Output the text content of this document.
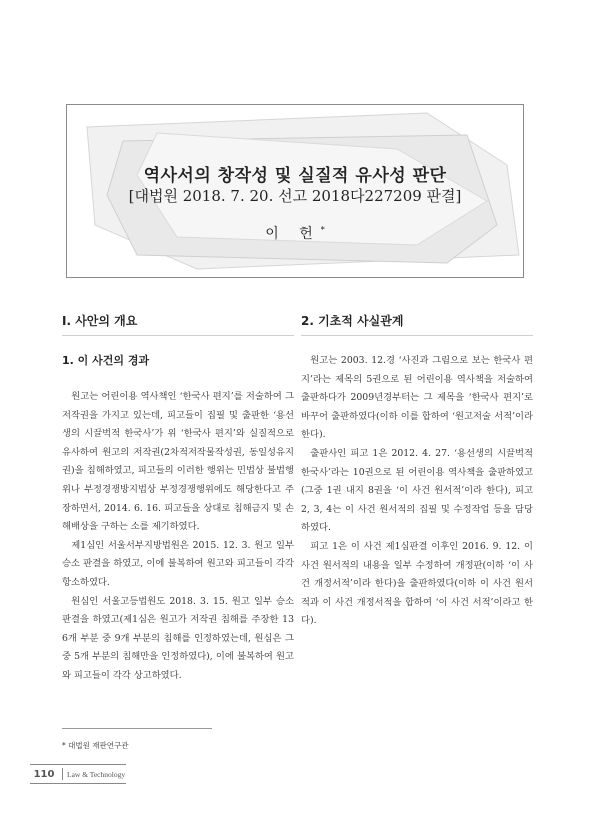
역사서의 창작성 및 실질적 유사성 판단
[대법원 2018. 7. 20. 선고 2018다227209 판결]
이 헌*
I. 사안의 개요
1. 이 사건의 경과

원고는 어린이용 역사책인 ‘한국사 편지’를 저술하여 그 저작권을 가지고 있는데, 피고들이 집필 및 출판한 ‘용선생의 시끌벅적 한국사’가 위 ‘한국사 편지’와 실질적으로 유사하여 원고의 저작권(2차적저작물작성권, 동일성유지권)을 침해하였고, 피고들의 이러한 행위는 민법상 불법행위나 부정경쟁방지법상 부정경쟁행위에도 해당한다고 주장하면서, 2014. 6. 16. 피고들을 상대로 침해금지 및 손해배상을 구하는 소를 제기하였다.

제1심인 서울서부지방법원은 2015. 12. 3. 원고 일부 승소 판결을 하였고, 이에 불복하여 원고와 피고들이 각각 항소하였다.

원심인 서울고등법원도 2018. 3. 15. 원고 일부 승소 판결을 하였고(제1심은 원고가 저작권 침해를 주장한 136개 부분 중 9개 부분의 침해를 인정하였는데, 원심은 그중 5개 부분의 침해만을 인정하였다), 이에 불복하여 원고와 피고들이 각각 상고하였다.

2. 기초적 사실관계

원고는 2003. 12.경 ‘사진과 그림으로 보는 한국사 편지’라는 제목의 5권으로 된 어린이용 역사책을 저술하여 출판하다가 2009년경부터는 그 제목을 ‘한국사 편지’로 바꾸어 출판하였다(이하 이를 합하여 ‘원고저술 서적’이라 한다).

출판사인 피고 1은 2012. 4. 27. ‘용선생의 시끌벅적 한국사’라는 10권으로 된 어린이용 역사책을 출판하였고(그중 1권 내지 8권을 ‘이 사건 원서적’이라 한다), 피고 2, 3, 4는 이 사건 원서적의 집필 및 수정작업 등을 담당하였다.

피고 1은 이 사건 제1심판결 이후인 2016. 9. 12. 이 사건 원서적의 내용을 일부 수정하여 개정판(이하 ‘이 사건 개정서적’이라 한다)을 출판하였다(이하 이 사건 원서적과 이 사건 개정서적을 합하여 ‘이 사건 서적’이라고 한다).

* 대법원 재판연구관
110	Law & Technology
